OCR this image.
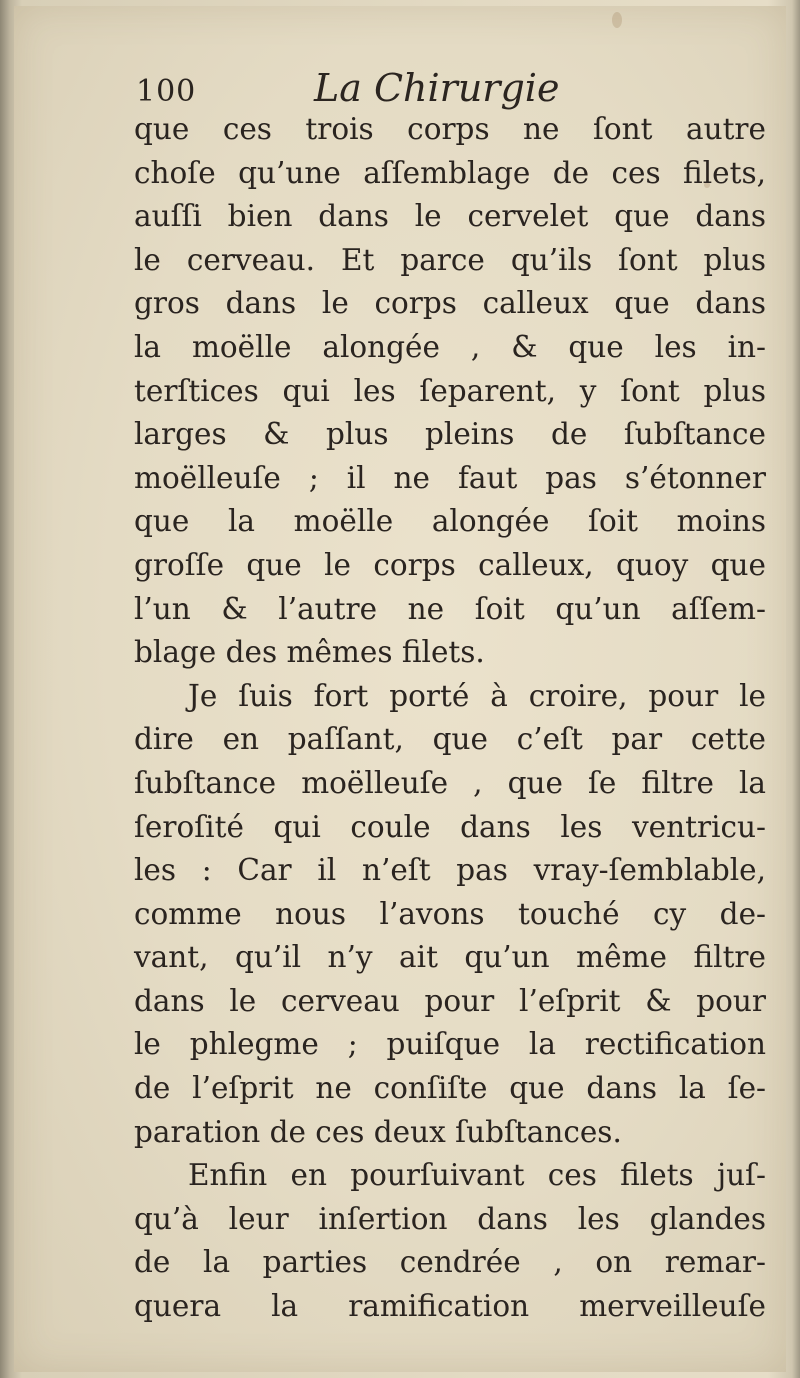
100	La Chirurgie
que ces trois corps ne ſont autre
choſe qu’une aſſemblage de ces filets,
auſſi bien dans le cervelet que dans
le cerveau. Et parce qu’ils ſont plus
gros dans le corps calleux que dans
la moëlle alongée , & que les in-
terſtices qui les ſeparent, y ſont plus
larges & plus pleins de ſubſtance
moëlleuſe ; il ne faut pas s’étonner
que la moëlle alongée ſoit moins
groſſe que le corps calleux, quoy que
l’un & l’autre ne ſoit qu’un aſſem-
blage des mêmes filets.
Je ſuis fort porté à croire, pour le
dire en paſſant, que c’eſt par cette
ſubſtance moëlleuſe , que ſe filtre la
ſeroſité qui coule dans les ventricu-
les : Car il n’eſt pas vray-ſemblable,
comme nous l’avons touché cy de-
vant, qu’il n’y ait qu’un même filtre
dans le cerveau pour l’eſprit & pour
le phlegme ; puiſque la rectification
de l’eſprit ne conſiſte que dans la ſe-
paration de ces deux ſubſtances.
Enfin en pourſuivant ces filets juſ-
qu’à leur inſertion dans les glandes
de la parties cendrée , on remar-
quera la ramification merveilleuſe
